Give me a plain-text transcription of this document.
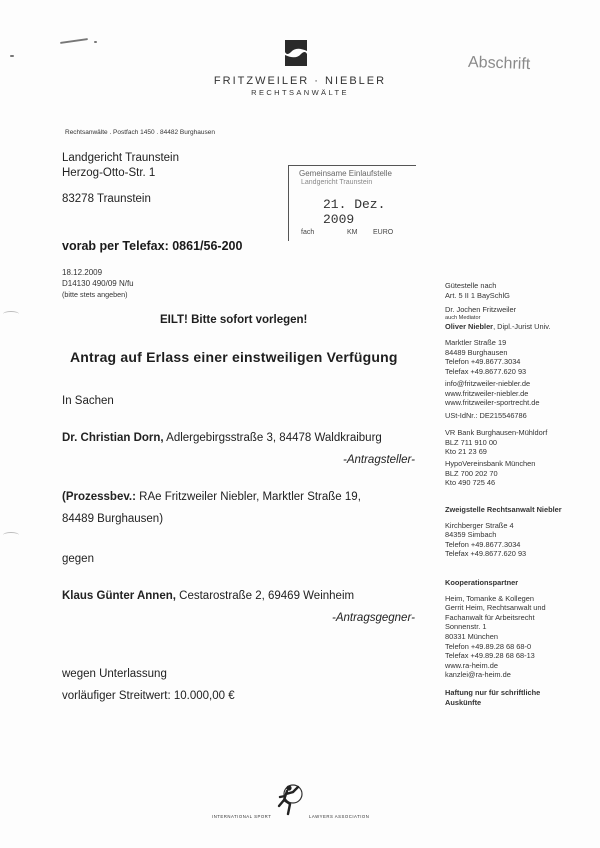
FRITZWEILER · NIEBLER
RECHTSANWÄLTE
Abschrift
Rechtsanwälte . Postfach 1450 . 84482 Burghausen
Landgericht Traunstein
Herzog-Otto-Str. 1
83278 Traunstein
Gemeinsame Einlaufstelle
Landgericht Traunstein
21. Dez. 2009
fach	KM EURO
vorab per Telefax: 0861/56-200
18.12.2009
D14130 490/09 N/fu
(bitte stets angeben)
EILT! Bitte sofort vorlegen!
Antrag auf Erlass einer einstweiligen Verfügung
In Sachen
Dr. Christian Dorn, Adlergebirgsstraße 3, 84478 Waldkraiburg
-Antragsteller-
(Prozessbev.: RAe Fritzweiler Niebler, Marktler Straße 19,
84489 Burghausen)
gegen
Klaus Günter Annen, Cestarostraße 2, 69469 Weinheim
-Antragsgegner-
wegen Unterlassung
vorläufiger Streitwert: 10.000,00 €
Gütestelle nach
Art. 5 II 1 BaySchlG
Dr. Jochen Fritzweiler
auch Mediator
Oliver Niebler, Dipl.-Jurist Univ.
Marktler Straße 19
84489 Burghausen
Telefon +49.8677.3034
Telefax +49.8677.620 93
info@fritzweiler-niebler.de
www.fritzweiler-niebler.de
www.fritzweiler-sportrecht.de
USt-IdNr.: DE215546786
VR Bank Burghausen-Mühldorf
BLZ 711 910 00
Kto 21 23 69
HypoVereinsbank München
BLZ 700 202 70
Kto 490 725 46
Zweigstelle Rechtsanwalt Niebler
Kirchberger Straße 4
84359 Simbach
Telefon +49.8677.3034
Telefax +49.8677.620 93
Kooperationspartner
Heim, Tomanke & Kollegen
Gerrit Heim, Rechtsanwalt und
Fachanwalt für Arbeitsrecht
Sonnenstr. 1
80331 München
Telefon +49.89.28 68 68-0
Telefax +49.89.28 68 68-13
www.ra-heim.de
kanzlei@ra-heim.de
Haftung nur für schriftliche
Auskünfte
INTERNATIONAL SPORT	LAWYERS ASSOCIATION
